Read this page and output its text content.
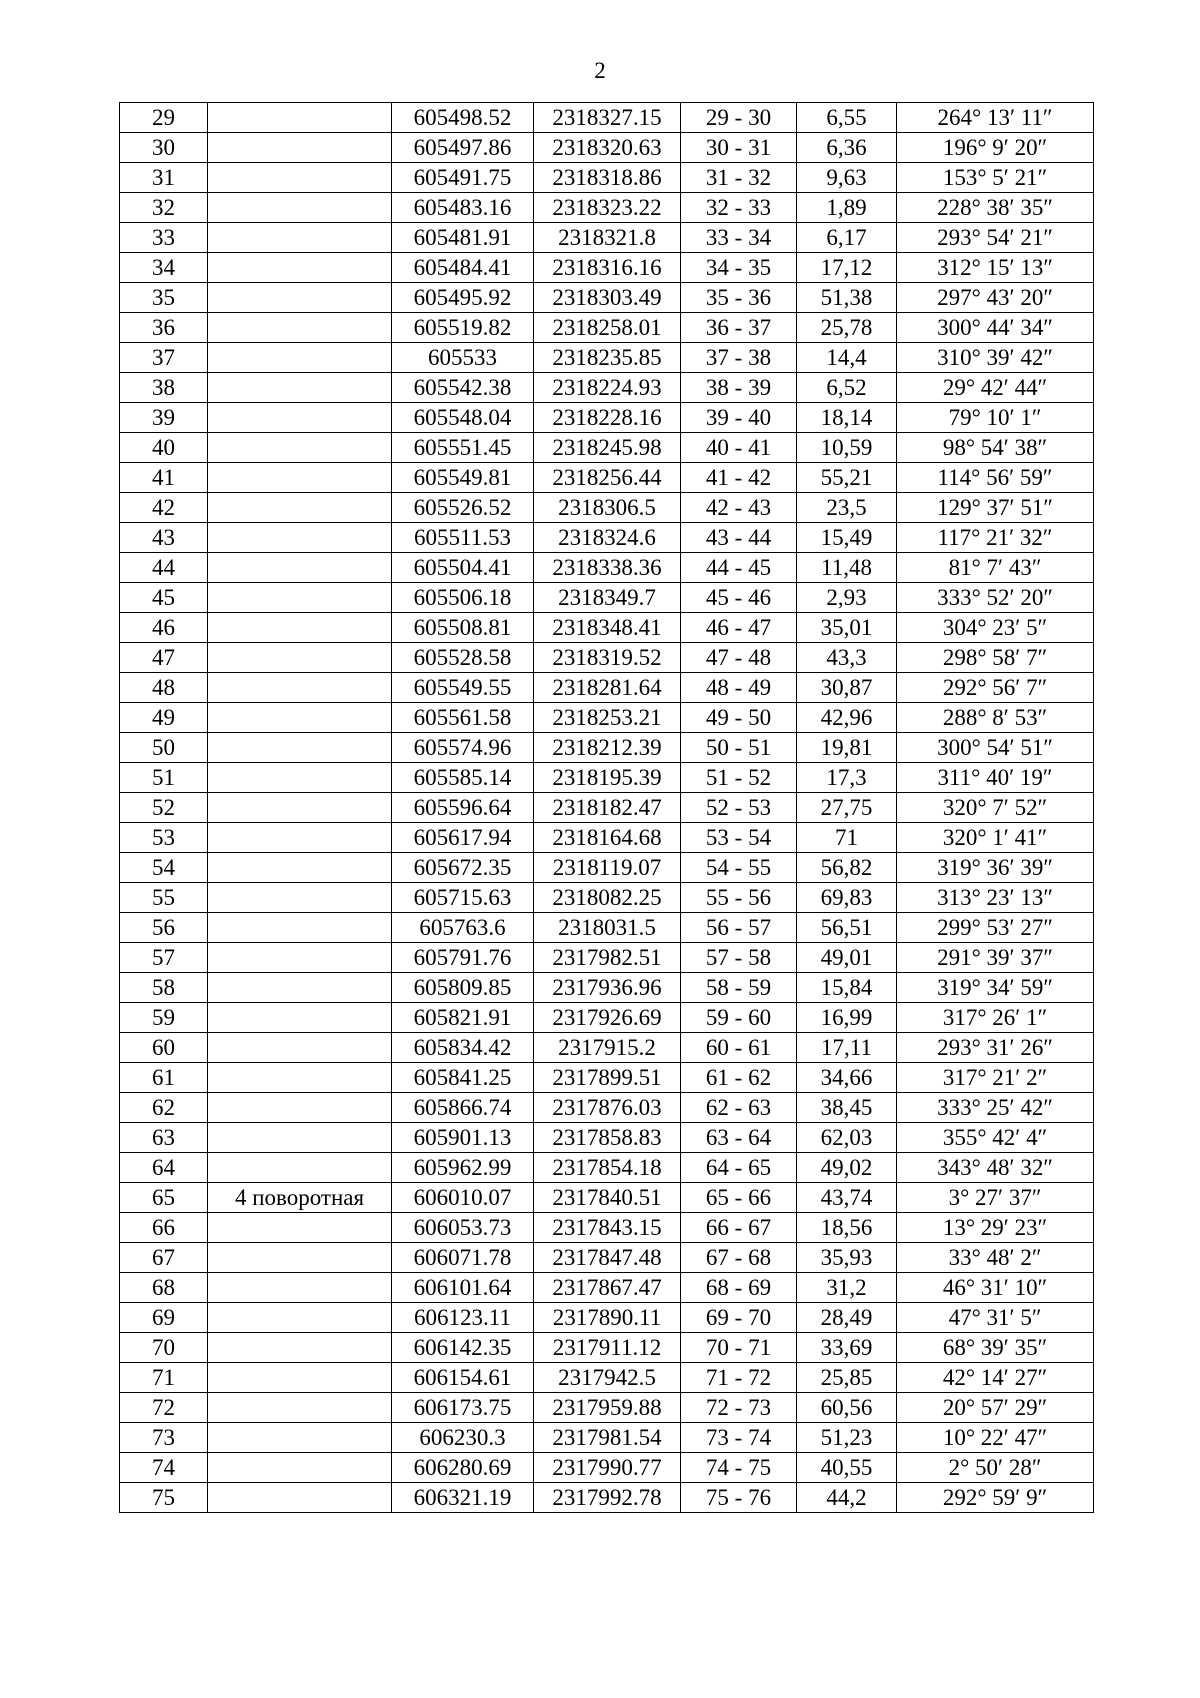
2
29		605498.52	2318327.15	29 - 30	6,55	264° 13′ 11″
30		605497.86	2318320.63	30 - 31	6,36	196° 9′ 20″
31		605491.75	2318318.86	31 - 32	9,63	153° 5′ 21″
32		605483.16	2318323.22	32 - 33	1,89	228° 38′ 35″
33		605481.91	2318321.8	33 - 34	6,17	293° 54′ 21″
34		605484.41	2318316.16	34 - 35	17,12	312° 15′ 13″
35		605495.92	2318303.49	35 - 36	51,38	297° 43′ 20″
36		605519.82	2318258.01	36 - 37	25,78	300° 44′ 34″
37		605533	2318235.85	37 - 38	14,4	310° 39′ 42″
38		605542.38	2318224.93	38 - 39	6,52	29° 42′ 44″
39		605548.04	2318228.16	39 - 40	18,14	79° 10′ 1″
40		605551.45	2318245.98	40 - 41	10,59	98° 54′ 38″
41		605549.81	2318256.44	41 - 42	55,21	114° 56′ 59″
42		605526.52	2318306.5	42 - 43	23,5	129° 37′ 51″
43		605511.53	2318324.6	43 - 44	15,49	117° 21′ 32″
44		605504.41	2318338.36	44 - 45	11,48	81° 7′ 43″
45		605506.18	2318349.7	45 - 46	2,93	333° 52′ 20″
46		605508.81	2318348.41	46 - 47	35,01	304° 23′ 5″
47		605528.58	2318319.52	47 - 48	43,3	298° 58′ 7″
48		605549.55	2318281.64	48 - 49	30,87	292° 56′ 7″
49		605561.58	2318253.21	49 - 50	42,96	288° 8′ 53″
50		605574.96	2318212.39	50 - 51	19,81	300° 54′ 51″
51		605585.14	2318195.39	51 - 52	17,3	311° 40′ 19″
52		605596.64	2318182.47	52 - 53	27,75	320° 7′ 52″
53		605617.94	2318164.68	53 - 54	71	320° 1′ 41″
54		605672.35	2318119.07	54 - 55	56,82	319° 36′ 39″
55		605715.63	2318082.25	55 - 56	69,83	313° 23′ 13″
56		605763.6	2318031.5	56 - 57	56,51	299° 53′ 27″
57		605791.76	2317982.51	57 - 58	49,01	291° 39′ 37″
58		605809.85	2317936.96	58 - 59	15,84	319° 34′ 59″
59		605821.91	2317926.69	59 - 60	16,99	317° 26′ 1″
60		605834.42	2317915.2	60 - 61	17,11	293° 31′ 26″
61		605841.25	2317899.51	61 - 62	34,66	317° 21′ 2″
62		605866.74	2317876.03	62 - 63	38,45	333° 25′ 42″
63		605901.13	2317858.83	63 - 64	62,03	355° 42′ 4″
64		605962.99	2317854.18	64 - 65	49,02	343° 48′ 32″
65	4 поворотная	606010.07	2317840.51	65 - 66	43,74	3° 27′ 37″
66		606053.73	2317843.15	66 - 67	18,56	13° 29′ 23″
67		606071.78	2317847.48	67 - 68	35,93	33° 48′ 2″
68		606101.64	2317867.47	68 - 69	31,2	46° 31′ 10″
69		606123.11	2317890.11	69 - 70	28,49	47° 31′ 5″
70		606142.35	2317911.12	70 - 71	33,69	68° 39′ 35″
71		606154.61	2317942.5	71 - 72	25,85	42° 14′ 27″
72		606173.75	2317959.88	72 - 73	60,56	20° 57′ 29″
73		606230.3	2317981.54	73 - 74	51,23	10° 22′ 47″
74		606280.69	2317990.77	74 - 75	40,55	2° 50′ 28″
75		606321.19	2317992.78	75 - 76	44,2	292° 59′ 9″
